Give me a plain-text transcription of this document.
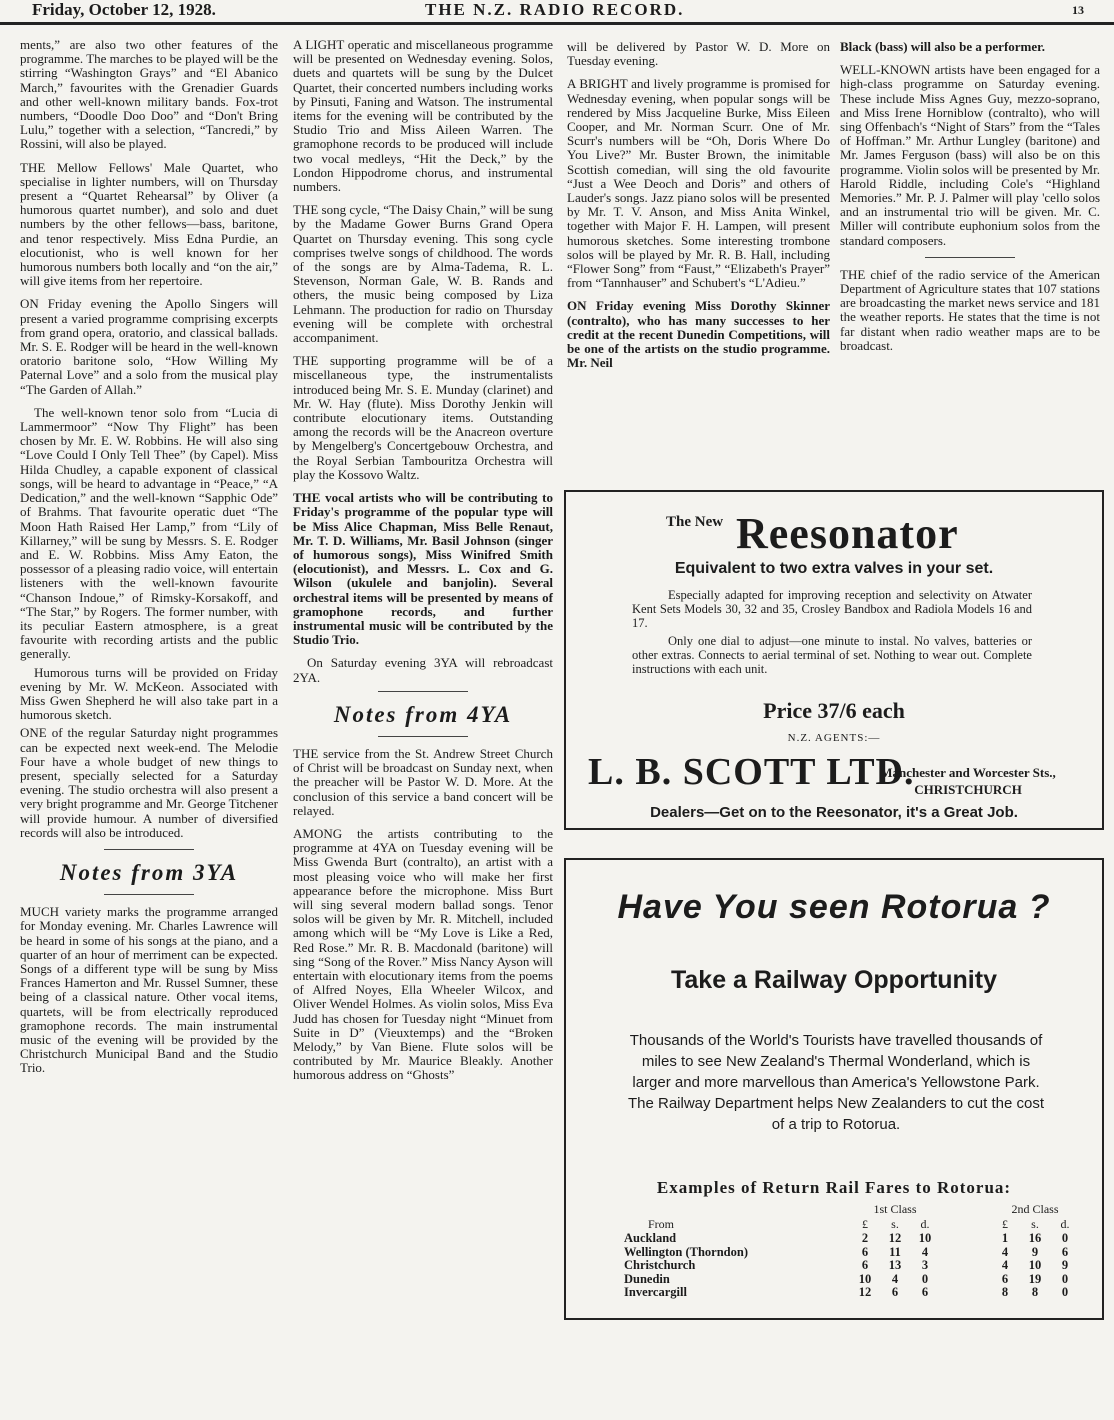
Friday, October 12, 1928.	THE N.Z. RADIO RECORD.	13

ments,” are also two other features of the programme. The marches to be played will be the stirring “Washington Grays” and “El Abanico March,” favourites with the Grenadier Guards and other well-known military bands. Fox-trot numbers, “Doodle Doo Doo” and “Don't Bring Lulu,” together with a selection, “Tancredi,” by Rossini, will also be played.

THE Mellow Fellows' Male Quartet, who specialise in lighter numbers, will on Thursday present a “Quartet Rehearsal” by Oliver (a humorous quartet number), and solo and duet numbers by the other fellows—bass, baritone, and tenor respectively. Miss Edna Purdie, an elocutionist, who is well known for her humorous numbers both locally and “on the air,” will give items from her repertoire.

ON Friday evening the Apollo Singers will present a varied programme comprising excerpts from grand opera, oratorio, and classical ballads. Mr. S. E. Rodger will be heard in the well-known oratorio baritone solo, “How Willing My Paternal Love” and a solo from the musical play “The Garden of Allah.”

The well-known tenor solo from “Lucia di Lammermoor” “Now Thy Flight” has been chosen by Mr. E. W. Robbins. He will also sing “Love Could I Only Tell Thee” (by Capel). Miss Hilda Chudley, a capable exponent of classical songs, will be heard to advantage in “Peace,” “A Dedication,” and the well-known “Sapphic Ode” of Brahms. That favourite operatic duet “The Moon Hath Raised Her Lamp,” from “Lily of Killarney,” will be sung by Messrs. S. E. Rodger and E. W. Robbins. Miss Amy Eaton, the possessor of a pleasing radio voice, will entertain listeners with the well-known favourite “Chanson Indoue,” of Rimsky-Korsakoff, and “The Star,” by Rogers. The former number, with its peculiar Eastern atmosphere, is a great favourite with recording artists and the public generally.

Humorous turns will be provided on Friday evening by Mr. W. McKeon. Associated with Miss Gwen Shepherd he will also take part in a humorous sketch.

ONE of the regular Saturday night programmes can be expected next week-end. The Melodie Four have a whole budget of new things to present, specially selected for a Saturday evening. The studio orchestra will also present a very bright programme and Mr. George Titchener will provide humour. A number of diversified records will also be introduced.

Notes from 3YA

MUCH variety marks the programme arranged for Monday evening. Mr. Charles Lawrence will be heard in some of his songs at the piano, and a quarter of an hour of merriment can be expected. Songs of a different type will be sung by Miss Frances Hamerton and Mr. Russel Sumner, these being of a classical nature. Other vocal items, quartets, will be from electrically reproduced gramophone records. The main instrumental music of the evening will be provided by the Christchurch Municipal Band and the Studio Trio.

A LIGHT operatic and miscellaneous programme will be presented on Wednesday evening. Solos, duets and quartets will be sung by the Dulcet Quartet, their concerted numbers including works by Pinsuti, Faning and Watson. The instrumental items for the evening will be contributed by the Studio Trio and Miss Aileen Warren. The gramophone records to be produced will include two vocal medleys, “Hit the Deck,” by the London Hippodrome chorus, and instrumental numbers.

THE song cycle, “The Daisy Chain,” will be sung by the Madame Gower Burns Grand Opera Quartet on Thursday evening. This song cycle comprises twelve songs of childhood. The words of the songs are by Alma-Tadema, R. L. Stevenson, Norman Gale, W. B. Rands and others, the music being composed by Liza Lehmann. The production for radio on Thursday evening will be complete with orchestral accompaniment.

THE supporting programme will be of a miscellaneous type, the instrumentalists introduced being Mr. S. E. Munday (clarinet) and Mr. W. Hay (flute). Miss Dorothy Jenkin will contribute elocutionary items. Outstanding among the records will be the Anacreon overture by Mengelberg's Concertgebouw Orchestra, and the Royal Serbian Tambouritza Orchestra will play the Kossovo Waltz.

THE vocal artists who will be contributing to Friday's programme of the popular type will be Miss Alice Chapman, Miss Belle Renaut, Mr. T. D. Williams, Mr. Basil Johnson (singer of humorous songs), Miss Winifred Smith (elocutionist), and Messrs. L. Cox and G. Wilson (ukulele and banjolin). Several orchestral items will be presented by means of gramophone records, and further instrumental music will be contributed by the Studio Trio.

On Saturday evening 3YA will rebroadcast 2YA.

Notes from 4YA

THE service from the St. Andrew Street Church of Christ will be broadcast on Sunday next, when the preacher will be Pastor W. D. More. At the conclusion of this service a band concert will be relayed.

AMONG the artists contributing to the programme at 4YA on Tuesday evening will be Miss Gwenda Burt (contralto), an artist with a most pleasing voice who will make her first appearance before the microphone. Miss Burt will sing several modern ballad songs. Tenor solos will be given by Mr. R. Mitchell, included among which will be “My Love is Like a Red, Red Rose.” Mr. R. B. Macdonald (baritone) will sing “Song of the Rover.” Miss Nancy Ayson will entertain with elocutionary items from the poems of Alfred Noyes, Ella Wheeler Wilcox, and Oliver Wendel Holmes. As violin solos, Miss Eva Judd has chosen for Tuesday night “Minuet from Suite in D” (Vieuxtemps) and the “Broken Melody,” by Van Biene. Flute solos will be contributed by Mr. Maurice Bleakly. Another humorous address on “Ghosts”

will be delivered by Pastor W. D. More on Tuesday evening.

A BRIGHT and lively programme is promised for Wednesday evening, when popular songs will be rendered by Miss Jacqueline Burke, Miss Eileen Cooper, and Mr. Norman Scurr. One of Mr. Scurr's numbers will be “Oh, Doris Where Do You Live?” Mr. Buster Brown, the inimitable Scottish comedian, will sing the old favourite “Just a Wee Deoch and Doris” and others of Lauder's songs. Jazz piano solos will be presented by Mr. T. V. Anson, and Miss Anita Winkel, together with Major F. H. Lampen, will present humorous sketches. Some interesting trombone solos will be played by Mr. R. B. Hall, including “Flower Song” from “Faust,” “Elizabeth's Prayer” from “Tannhauser” and Schubert's “L'Adieu.”

ON Friday evening Miss Dorothy Skinner (contralto), who has many successes to her credit at the recent Dunedin Competitions, will be one of the artists on the studio programme. Mr. Neil

Black (bass) will also be a performer.

WELL-KNOWN artists have been engaged for a high-class programme on Saturday evening. These include Miss Agnes Guy, mezzo-soprano, and Miss Irene Horniblow (contralto), who will sing Offenbach's “Night of Stars” from the “Tales of Hoffman.” Mr. Arthur Lungley (baritone) and Mr. James Ferguson (bass) will also be on this programme. Violin solos will be presented by Mr. Harold Riddle, including Cole's “Highland Memories.” Mr. P. J. Palmer will play 'cello solos and an instrumental trio will be given. Mr. C. Miller will contribute euphonium solos from the standard composers.

THE chief of the radio service of the American Department of Agriculture states that 107 stations are broadcasting the market news service and 181 the weather reports. He states that the time is not far distant when radio weather maps are to be broadcast.

The New Reesonator
Equivalent to two extra valves in your set.

Especially adapted for improving reception and selectivity on Atwater Kent Sets Models 30, 32 and 35, Crosley Bandbox and Radiola Models 16 and 17.

Only one dial to adjust—one minute to instal. No valves, batteries or other extras. Connects to aerial terminal of set. Nothing to wear out. Complete instructions with each unit.

Price 37/6 each
N.Z. AGENTS:—
L. B. SCOTT LTD.
Manchester and Worcester Sts.,
CHRISTCHURCH
Dealers—Get on to the Reesonator, it's a Great Job.
Have You seen Rotorua ?
Take a Railway Opportunity
Thousands of the World's Tourists have travelled thousands of miles to see New Zealand's Thermal Wonderland, which is larger and more marvellous than America's Yellowstone Park. The Railway Department helps New Zealanders to cut the cost of a trip to Rotorua.
Examples of Return Rail Fares to Rotorua:
	1st Class				2nd Class		
From	£	s.	d.		£	s.	d.
Auckland	2	12	10		1	16	0
Wellington (Thorndon)	6	11	4		4	9	6
Christchurch	6	13	3		4	10	9
Dunedin	10	4	0		6	19	0
Invercargill	12	6	6		8	8	0
